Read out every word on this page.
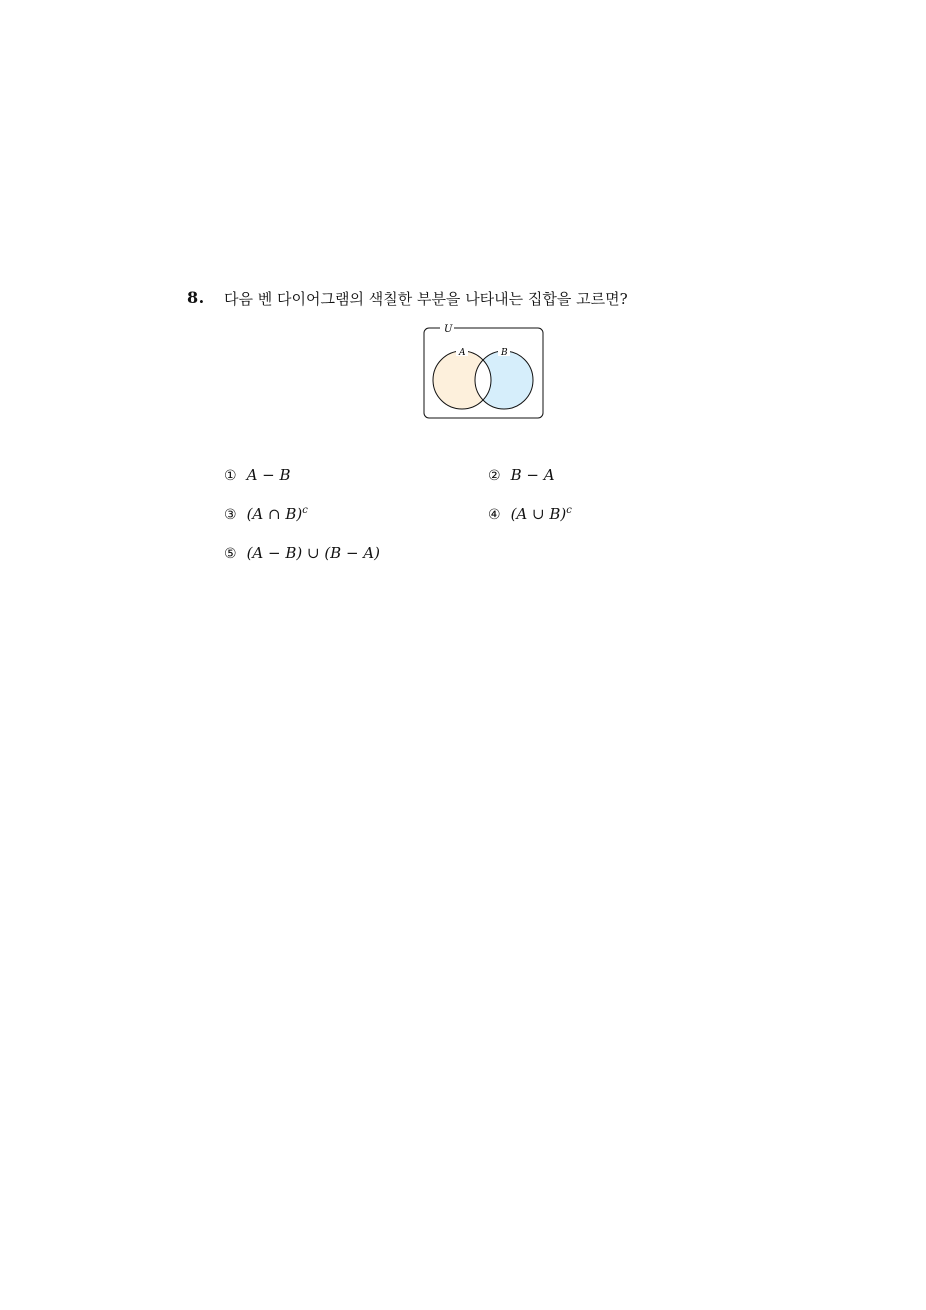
8. 다음 벤 다이어그램의 색칠한 부분을 나타내는 집합을 고르면?
U
A	B
① A − B	② B − A
③ (A ∩ B)$^c$	④ (A ∪ B)$^c$
⑤ (A − B) ∪ (B − A)
